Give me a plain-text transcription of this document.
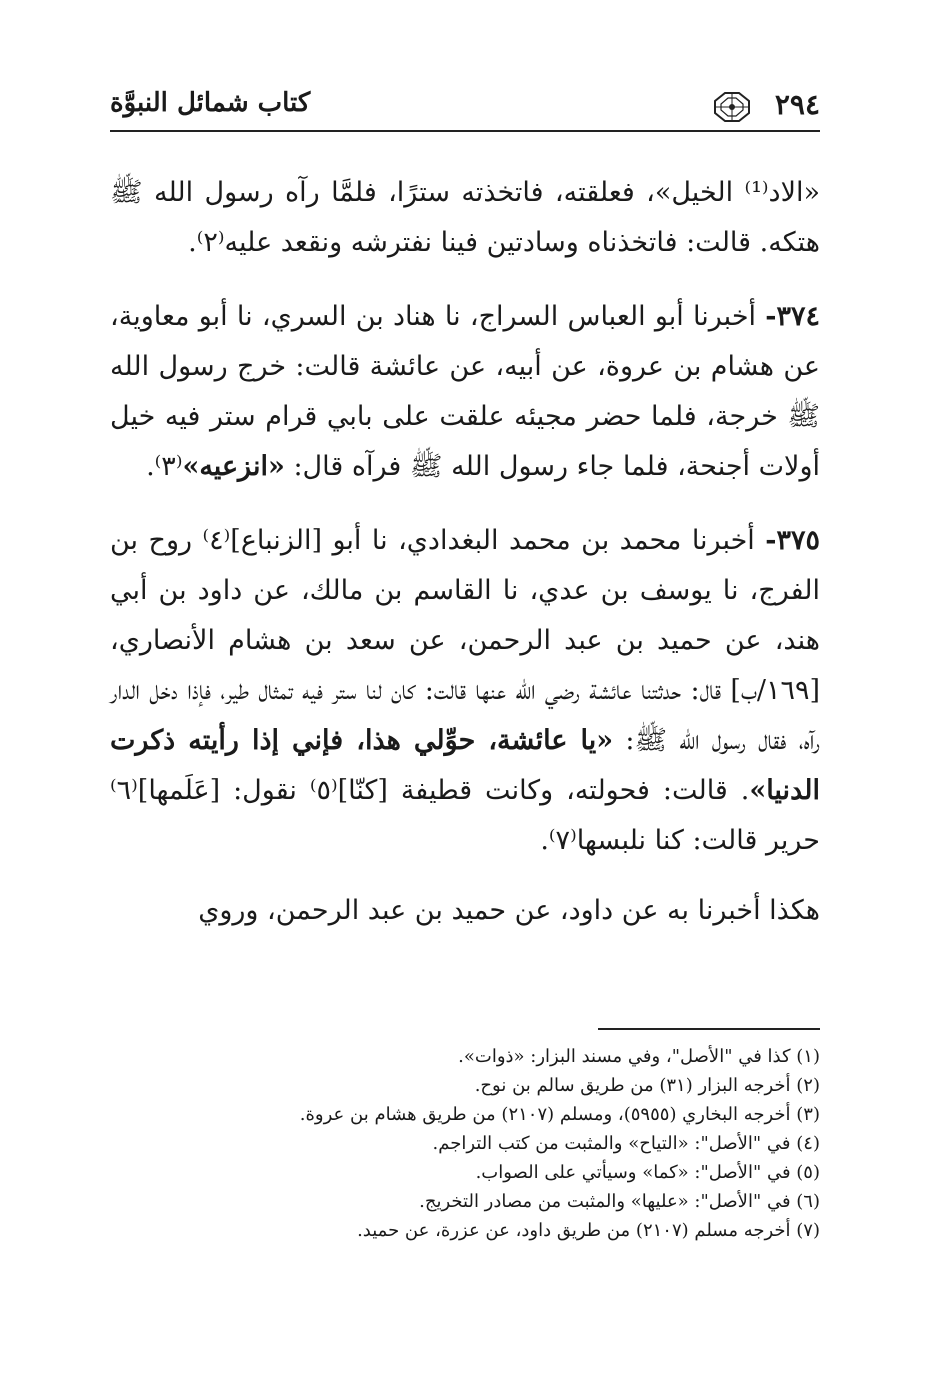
٢٩٤
كتاب شمائل النبوَّة

«الاد⁽¹⁾ الخيل»، فعلقته، فاتخذته سترًا، فلمَّا رآه رسول الله ﷺ هتكه. قالت: فاتخذناه وسادتين فينا نفترشه ونقعد عليه⁽٢⁾.

٣٧٤- أخبرنا أبو العباس السراج، نا هناد بن السري، نا أبو معاوية، عن هشام بن عروة، عن أبيه، عن عائشة قالت: خرج رسول الله ﷺ خرجة، فلما حضر مجيئه علقت على بابي قرام ستر فيه خيل أولات أجنحة، فلما جاء رسول الله ﷺ فرآه قال: «انزعيه»⁽٣⁾.

٣٧٥- أخبرنا محمد بن محمد البغدادي، نا أبو [الزنباع]⁽٤⁾ روح بن الفرج، نا يوسف بن عدي، نا القاسم بن مالك، عن داود بن أبي هند، عن حميد بن عبد الرحمن، عن سعد بن هشام الأنصاري، [١٦٩/ب] قال: حدثتنا عائشة رضي الله عنها قالت: كان لنا ستر فيه تمثال طير، فإذا دخل الدار رآه، فقال رسول الله ﷺ: «يا عائشة، حوِّلي هذا، فإني إذا رأيته ذكرت الدنيا». قالت: فحولته، وكانت قطيفة [كنّا]⁽٥⁾ نقول: [عَلَمها]⁽٦⁾ حرير قالت: كنا نلبسها⁽٧⁾.

هكذا أخبرنا به عن داود، عن حميد بن عبد الرحمن، وروي

(١) كذا في "الأصل"، وفي مسند البزار: «ذوات».
(٢) أخرجه البزار (٣١) من طريق سالم بن نوح.
(٣) أخرجه البخاري (٥٩٥٥)، ومسلم (٢١٠٧) من طريق هشام بن عروة.
(٤) في "الأصل": «التياح» والمثبت من كتب التراجم.
(٥) في "الأصل": «كما» وسيأتي على الصواب.
(٦) في "الأصل": «عليها» والمثبت من مصادر التخريج.
(٧) أخرجه مسلم (٢١٠٧) من طريق داود، عن عزرة، عن حميد.
